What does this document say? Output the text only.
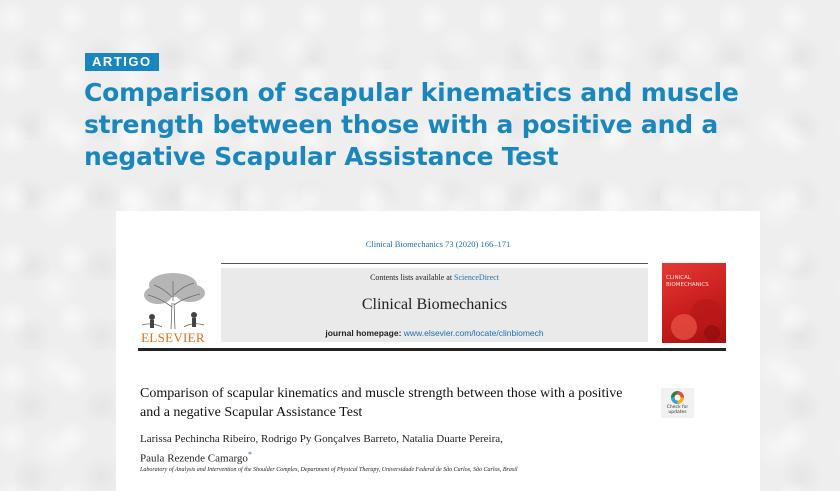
ARTIGO
Comparison of scapular kinematics and muscle strength between those with a positive and a negative Scapular Assistance Test
Clinical Biomechanics 73 (2020) 166–171
ELSEVIER
Contents lists available at ScienceDirect
Clinical Biomechanics
journal homepage: www.elsevier.com/locate/clinbiomech
CLINICAL BIOMECHANICS
Comparison of scapular kinematics and muscle strength between those with a positive and a negative Scapular Assistance Test	Check for
updates
Larissa Pechincha Ribeiro, Rodrigo Py Gonçalves Barreto, Natalia Duarte Pereira,
Paula Rezende Camargo*
Laboratory of Analysis and Intervention of the Shoulder Complex, Department of Physical Therapy, Universidade Federal de São Carlos, São Carlos, Brasil
